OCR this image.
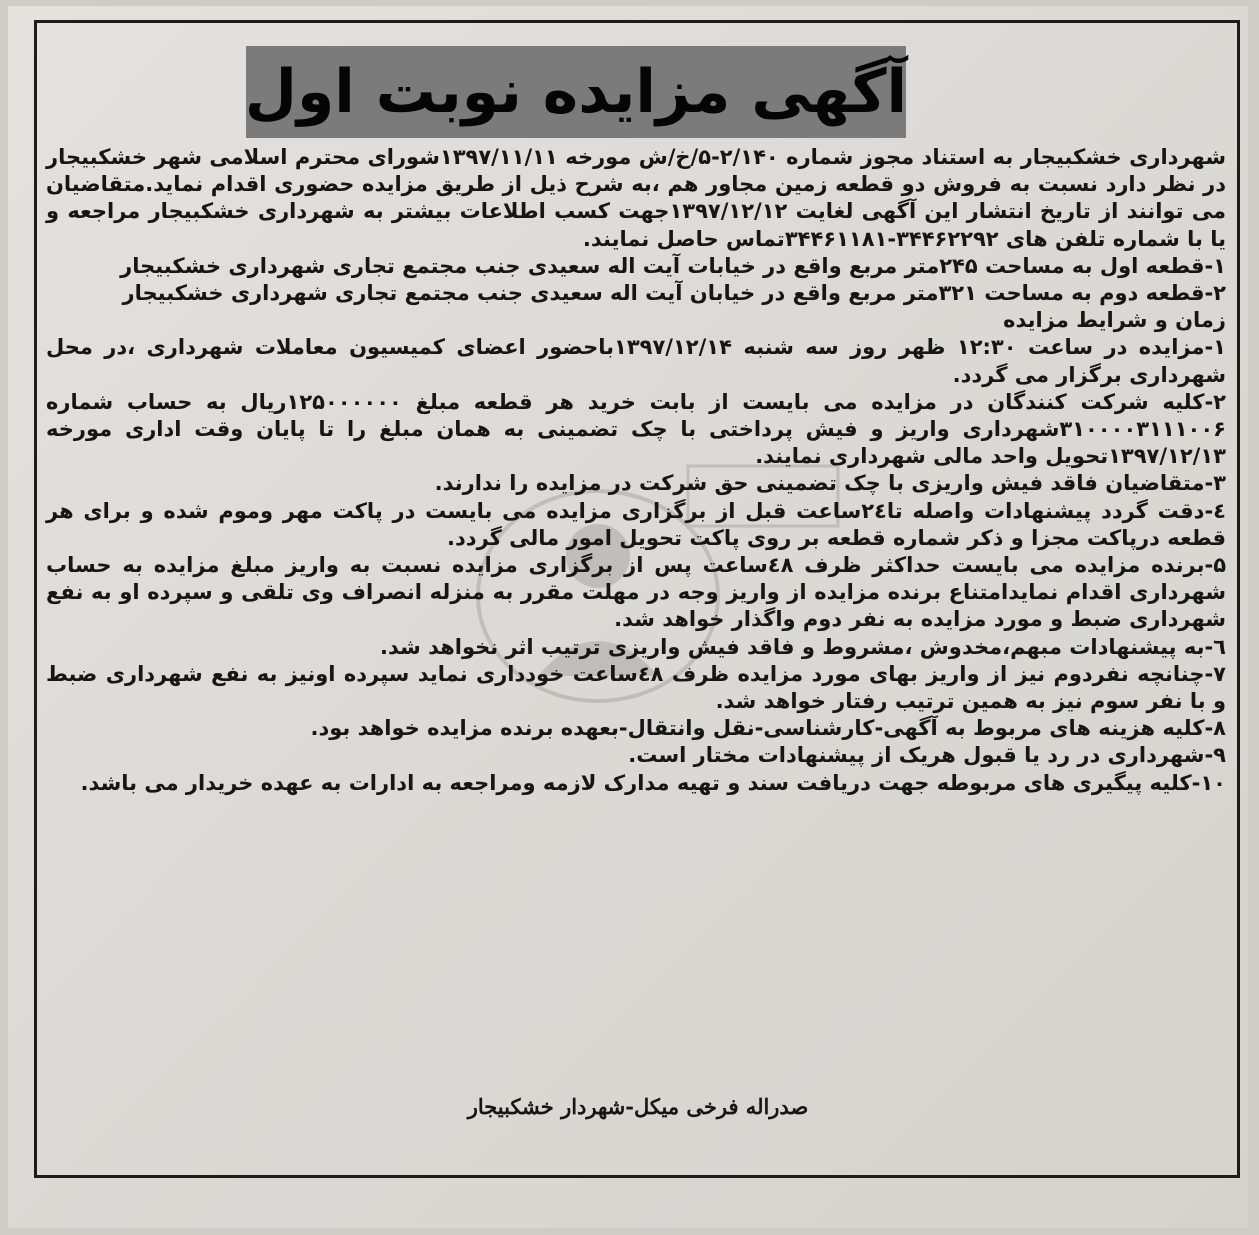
آگهی مزایده نوبت اول

شهرداری خشکبیجار به استناد مجوز شماره ۲/۱۴۰-۵/خ/ش مورخه ۱۳۹۷/۱۱/۱۱شورای محترم اسلامی شهر خشکبیجار در نظر دارد نسبت به فروش دو قطعه زمین مجاور هم ،به شرح ذیل از طریق مزایده حضوری اقدام نماید.متقاضیان می توانند از تاریخ انتشار این آگهی لغایت ۱۳۹۷/۱۲/۱۲جهت کسب اطلاعات بیشتر به شهرداری خشکبیجار مراجعه و یا با شماره تلفن های ۳۴۴۶۲۲۹۲-۳۴۴۶۱۱۸۱تماس حاصل نمایند.

۱-قطعه اول به مساحت ۲۴۵متر مربع واقع در خیابات آیت اله سعیدی جنب مجتمع تجاری شهرداری خشکبیجار

۲-قطعه دوم به مساحت ۳۲۱متر مربع واقع در خیابان آیت اله سعیدی جنب مجتمع تجاری شهرداری خشکبیجار

زمان و شرایط مزایده

۱-مزایده در ساعت ۱۲:۳۰ ظهر روز سه شنبه ۱۳۹۷/۱۲/۱۴باحضور اعضای کمیسیون معاملات شهرداری ،در محل شهرداری برگزار می گردد.

۲-کلیه شرکت کنندگان در مزایده می بایست از بابت خرید هر قطعه مبلغ ۱۲۵۰۰۰۰۰۰ریال به حساب شماره ۳۱۰۰۰۰۳۱۱۱۰۰۶شهرداری واریز و فیش پرداختی با چک تضمینی به همان مبلغ را تا پایان وقت اداری مورخه ۱۳۹۷/۱۲/۱۳تحویل واحد مالی شهرداری نمایند.

۳-متقاضیان فاقد فیش واریزی با چک تضمینی حق شرکت در مزایده را ندارند.

٤-دقت گردد پیشنهادات واصله تا۲٤ساعت قبل از برگزاری مزایده می بایست در پاکت مهر وموم شده و برای هر قطعه درپاکت مجزا و ذکر شماره قطعه بر روی پاکت تحویل امور مالی گردد.

۵-برنده مزایده می بایست حداکثر ظرف ٤۸ساعت پس از برگزاری مزایده نسبت به واریز مبلغ مزایده به حساب شهرداری اقدام نمایدامتناع برنده مزایده از واریز وجه در مهلت مقرر به منزله انصراف وی تلقی و سپرده او به نفع شهرداری ضبط و مورد مزایده به نفر دوم واگذار خواهد شد.

٦-به پیشنهادات مبهم،مخدوش ،مشروط و فاقد فیش واریزی ترتیب اثر نخواهد شد.

۷-چنانچه نفردوم نیز از واریز بهای مورد مزایده ظرف ٤۸ساعت خودداری نماید سپرده اونیز به نفع شهرداری ضبط و با نفر سوم نیز به همین ترتیب رفتار خواهد شد.

۸-کلیه هزینه های مربوط به آگهی-کارشناسی-نقل وانتقال-بعهده برنده مزایده خواهد بود.

۹-شهرداری در رد یا قبول هریک از پیشنهادات مختار است.

۱۰-کلیه پیگیری های مربوطه جهت دریافت سند و تهیه مدارک لازمه ومراجعه به ادارات به عهده خریدار می باشد.

صدراله فرخی میکل-شهردار خشکبیجار
